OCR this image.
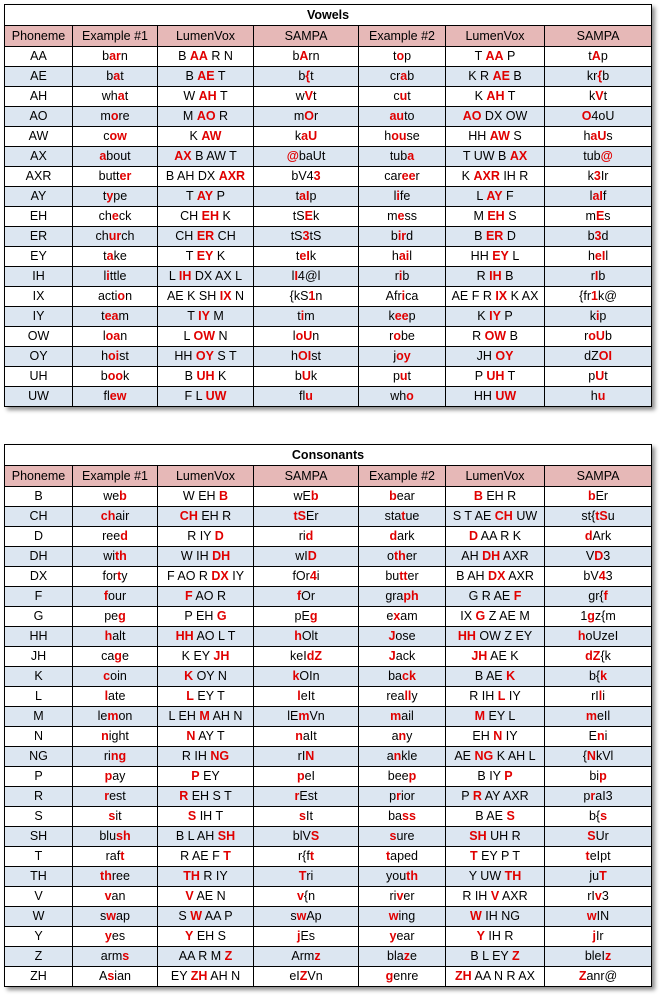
Vowels						
Phoneme	Example #1	LumenVox	SAMPA	Example #2	LumenVox	SAMPA
AA	barn	B AA R N	bArn	top	T AA P	tAp
AE	bat	B AE T	b{t	crab	K R AE B	kr{b
AH	what	W AH T	wVt	cut	K AH T	kVt
AO	more	M AO R	mOr	auto	AO DX OW	O4oU
AW	cow	K AW	kaU	house	HH AW S	haUs
AX	about	AX B AW T	@baUt	tuba	T UW B AX	tub@
AXR	butter	B AH DX AXR	bV43	career	K AXR IH R	k3Ir
AY	type	T AY P	taIp	life	L AY F	laIf
EH	check	CH EH K	tSEk	mess	M EH S	mEs
ER	church	CH ER CH	tS3tS	bird	B ER D	b3d
EY	take	T EY K	teIk	hail	HH EY L	heIl
IH	little	L IH DX AX L	lI4@l	rib	R IH B	rIb
IX	action	AE K SH IX N	{kS1n	Africa	AE F R IX K AX	{fr1k@
IY	team	T IY M	tim	keep	K IY P	kip
OW	loan	L OW N	loUn	robe	R OW B	roUb
OY	hoist	HH OY S T	hOIst	joy	JH OY	dZOI
UH	book	B UH K	bUk	put	P UH T	pUt
UW	flew	F L UW	flu	who	HH UW	hu
Consonants						
Phoneme	Example #1	LumenVox	SAMPA	Example #2	LumenVox	SAMPA
B	web	W EH B	wEb	bear	B EH R	bEr
CH	chair	CH EH R	tSEr	statue	S T AE CH UW	st{tSu
D	reed	R IY D	rid	dark	D AA R K	dArk
DH	with	W IH DH	wID	other	AH DH AXR	VD3
DX	forty	F AO R DX IY	fOr4i	butter	B AH DX AXR	bV43
F	four	F AO R	fOr	graph	G R AE F	gr{f
G	peg	P EH G	pEg	exam	IX G Z AE M	1gz{m
HH	halt	HH AO L T	hOlt	Jose	HH OW Z EY	hoUzeI
JH	cage	K EY JH	keIdZ	Jack	JH AE K	dZ{k
K	coin	K OY N	kOIn	back	B AE K	b{k
L	late	L EY T	leIt	really	R IH L IY	rIli
M	lemon	L EH M AH N	lEmVn	mail	M EY L	meIl
N	night	N AY T	naIt	any	EH N IY	Eni
NG	ring	R IH NG	rIN	ankle	AE NG K AH L	{NkVl
P	pay	P EY	peI	beep	B IY P	bip
R	rest	R EH S T	rEst	prior	P R AY AXR	praI3
S	sit	S IH T	sIt	bass	B AE S	b{s
SH	blush	B L AH SH	blVS	sure	SH UH R	SUr
T	raft	R AE F T	r{ft	taped	T EY P T	teIpt
TH	three	TH R IY	Tri	youth	Y UW TH	juT
V	van	V AE N	v{n	river	R IH V AXR	rIv3
W	swap	S W AA P	swAp	wing	W IH NG	wIN
Y	yes	Y EH S	jEs	year	Y IH R	jIr
Z	arms	AA R M Z	Armz	blaze	B L EY Z	bleIz
ZH	Asian	EY ZH AH N	eIZVn	genre	ZH AA N R AX	Zanr@
